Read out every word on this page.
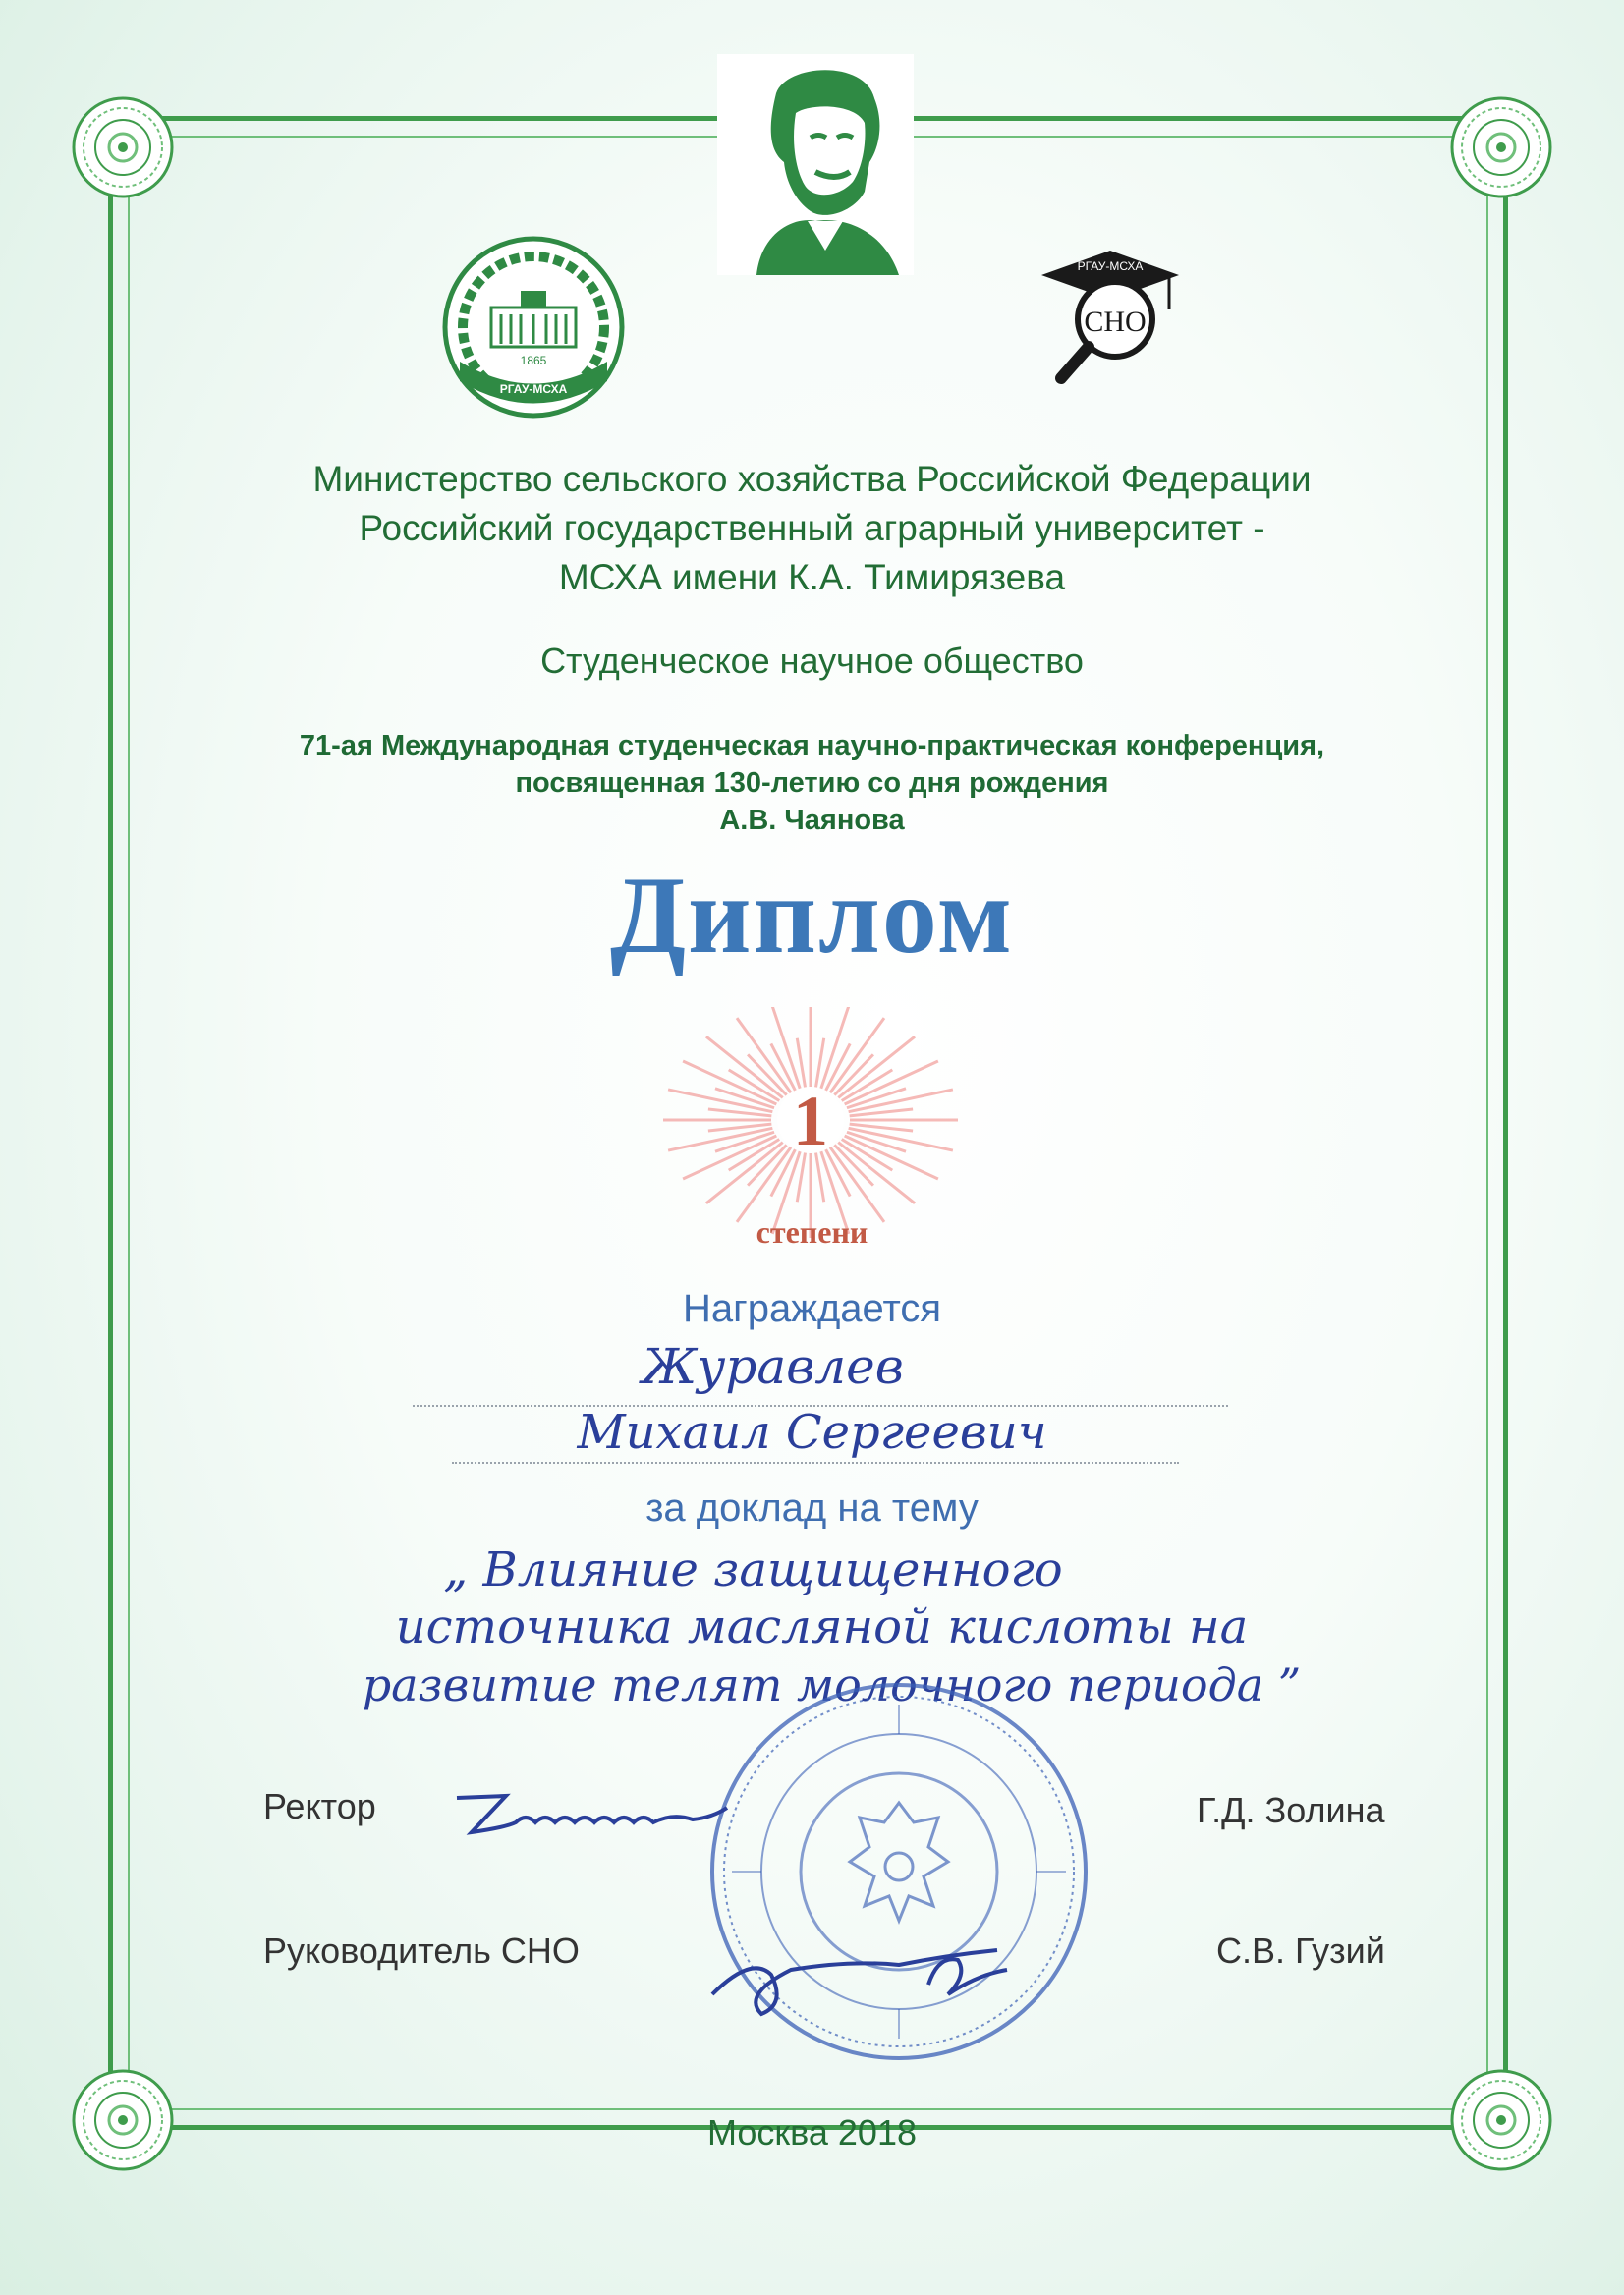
1865
РГАУ-МСХА
РГАУ-МСХА
СНО
Министерство сельского хозяйства Российской Федерации
Российский государственный аграрный университет -
МСХА имени К.А. Тимирязева
Студенческое научное общество
71-ая Международная студенческая научно-практическая конференция,
посвященная 130-летию со дня рождения
А.В. Чаянова
Диплом
1
степени
Награждается
Журавлев
Михаил Сергеевич
за доклад на тему
„ Влияние защищенного
источника масляной кислоты на
развитие телят молочного периода ”
Ректор	Г.Д. Золина
Руководитель СНО	С.В. Гузий
Москва 2018
